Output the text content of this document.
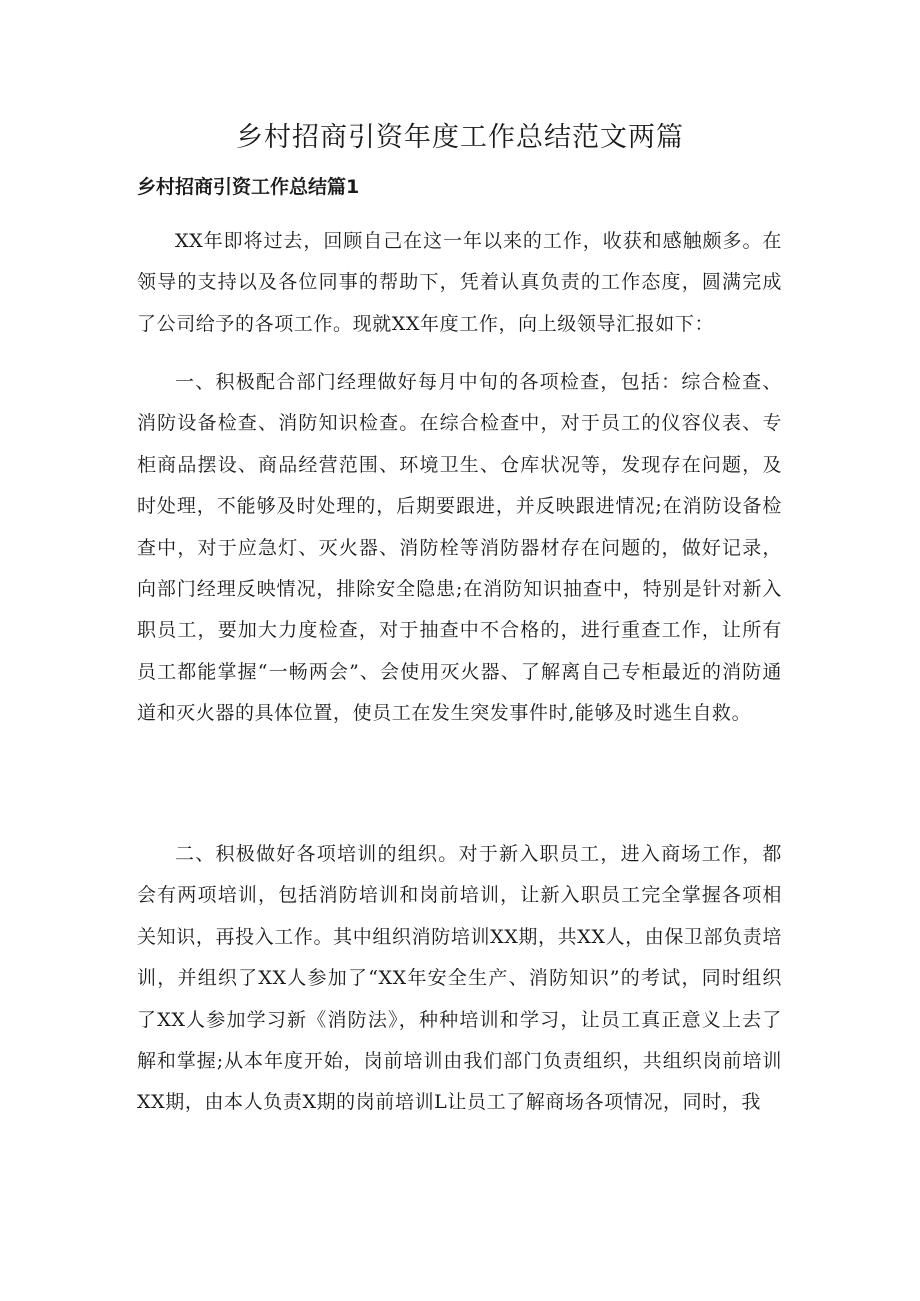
乡村招商引资年度工作总结范文两篇
乡村招商引资工作总结篇1

XX年即将过去，回顾自己在这一年以来的工作，收获和感触颇多。在领导的支持以及各位同事的帮助下，凭着认真负责的工作态度，圆满完成了公司给予的各项工作。现就XX年度工作，向上级领导汇报如下：

一、积极配合部门经理做好每月中旬的各项检查，包括：综合检查、消防设备检查、消防知识检查。在综合检查中，对于员工的仪容仪表、专柜商品摆设、商品经营范围、环境卫生、仓库状况等，发现存在问题，及时处理，不能够及时处理的，后期要跟进，并反映跟进情况;在消防设备检查中，对于应急灯、灭火器、消防栓等消防器材存在问题的，做好记录，向部门经理反映情况，排除安全隐患;在消防知识抽查中，特别是针对新入职员工，要加大力度检查，对于抽查中不合格的，进行重查工作，让所有员工都能掌握“一畅两会”、会使用灭火器、了解离自己专柜最近的消防通道和灭火器的具体位置，使员工在发生突发事件时,能够及时逃生自救。

二、积极做好各项培训的组织。对于新入职员工，进入商场工作，都会有两项培训，包括消防培训和岗前培训，让新入职员工完全掌握各项相关知识，再投入工作。其中组织消防培训XX期，共XX人，由保卫部负责培训，并组织了XX人参加了“XX年安全生产、消防知识”的考试，同时组织了XX人参加学习新《消防法》，种种培训和学习，让员工真正意义上去了解和掌握;从本年度开始，岗前培训由我们部门负责组织，共组织岗前培训XX期，由本人负责X期的岗前培训L让员工了解商场各项情况，同时，我
